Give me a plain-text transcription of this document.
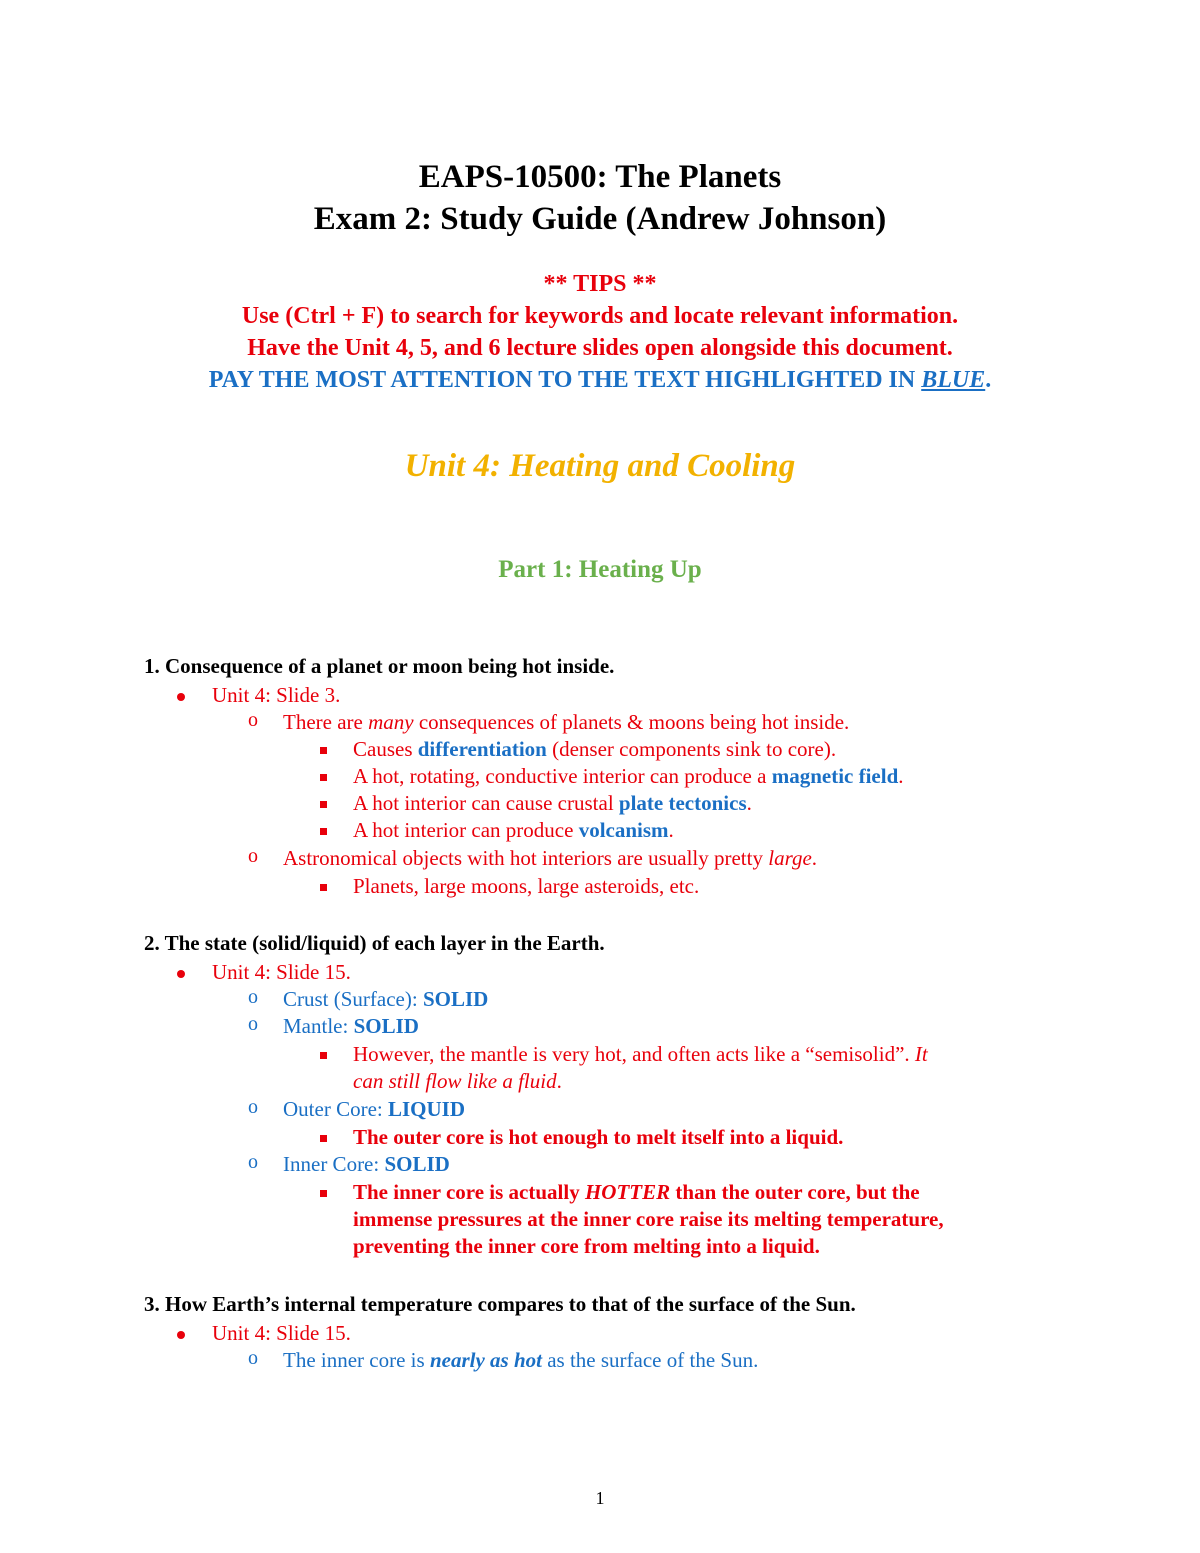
EAPS-10500: The Planets
Exam 2: Study Guide (Andrew Johnson)
** TIPS **
Use (Ctrl + F) to search for keywords and locate relevant information.
Have the Unit 4, 5, and 6 lecture slides open alongside this document.
PAY THE MOST ATTENTION TO THE TEXT HIGHLIGHTED IN BLUE.
Unit 4: Heating and Cooling
Part 1: Heating Up
1. Consequence of a planet or moon being hot inside.
Unit 4: Slide 3.
o There are many consequences of planets & moons being hot inside.
Causes differentiation (denser components sink to core).
A hot, rotating, conductive interior can produce a magnetic field.
A hot interior can cause crustal plate tectonics.
A hot interior can produce volcanism.
o Astronomical objects with hot interiors are usually pretty large.
Planets, large moons, large asteroids, etc.
2. The state (solid/liquid) of each layer in the Earth.
Unit 4: Slide 15.
o Crust (Surface): SOLID
o Mantle: SOLID
However, the mantle is very hot, and often acts like a “semisolid”. It
can still flow like a fluid.
o Outer Core: LIQUID
The outer core is hot enough to melt itself into a liquid.
o Inner Core: SOLID
The inner core is actually HOTTER than the outer core, but the
immense pressures at the inner core raise its melting temperature,
preventing the inner core from melting into a liquid.
3. How Earth’s internal temperature compares to that of the surface of the Sun.
Unit 4: Slide 15.
o The inner core is nearly as hot as the surface of the Sun.
1
